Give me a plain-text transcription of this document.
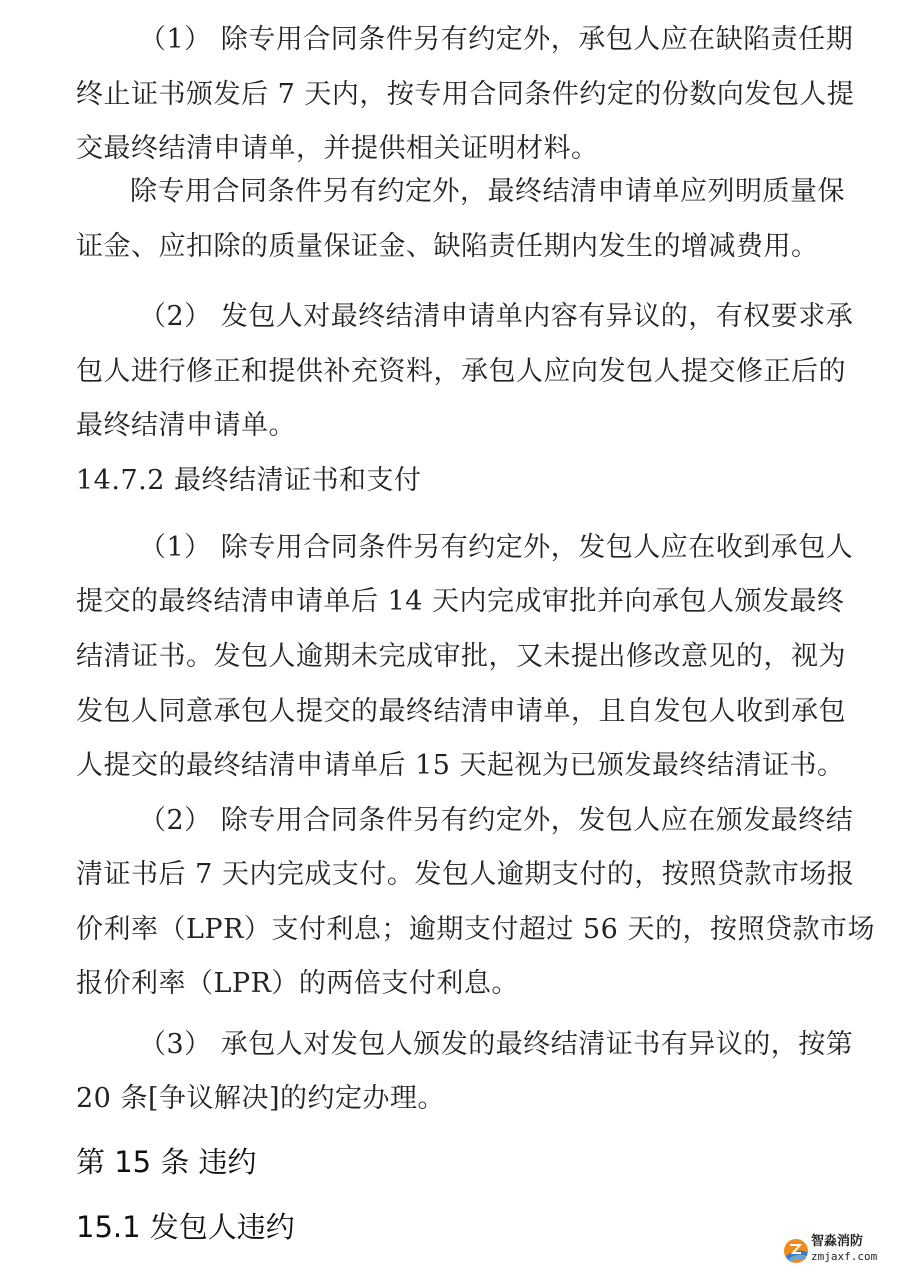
（1） 除专用合同条件另有约定外，承包人应在缺陷责任期
终止证书颁发后 7 天内，按专用合同条件约定的份数向发包人提
交最终结清申请单，并提供相关证明材料。
除专用合同条件另有约定外，最终结清申请单应列明质量保
证金、应扣除的质量保证金、缺陷责任期内发生的增减费用。
（2） 发包人对最终结清申请单内容有异议的，有权要求承
包人进行修正和提供补充资料，承包人应向发包人提交修正后的
最终结清申请单。
14.7.2 最终结清证书和支付
（1） 除专用合同条件另有约定外，发包人应在收到承包人
提交的最终结清申请单后 14 天内完成审批并向承包人颁发最终
结清证书。发包人逾期未完成审批，又未提出修改意见的，视为
发包人同意承包人提交的最终结清申请单，且自发包人收到承包
人提交的最终结清申请单后 15 天起视为已颁发最终结清证书。
（2） 除专用合同条件另有约定外，发包人应在颁发最终结
清证书后 7 天内完成支付。发包人逾期支付的，按照贷款市场报
价利率（LPR）支付利息；逾期支付超过 56 天的，按照贷款市场
报价利率（LPR）的两倍支付利息。
（3） 承包人对发包人颁发的最终结清证书有异议的，按第
20 条[争议解决]的约定办理。
第 15 条 违约
15.1 发包人违约	智淼消防
zmjaxf.com
